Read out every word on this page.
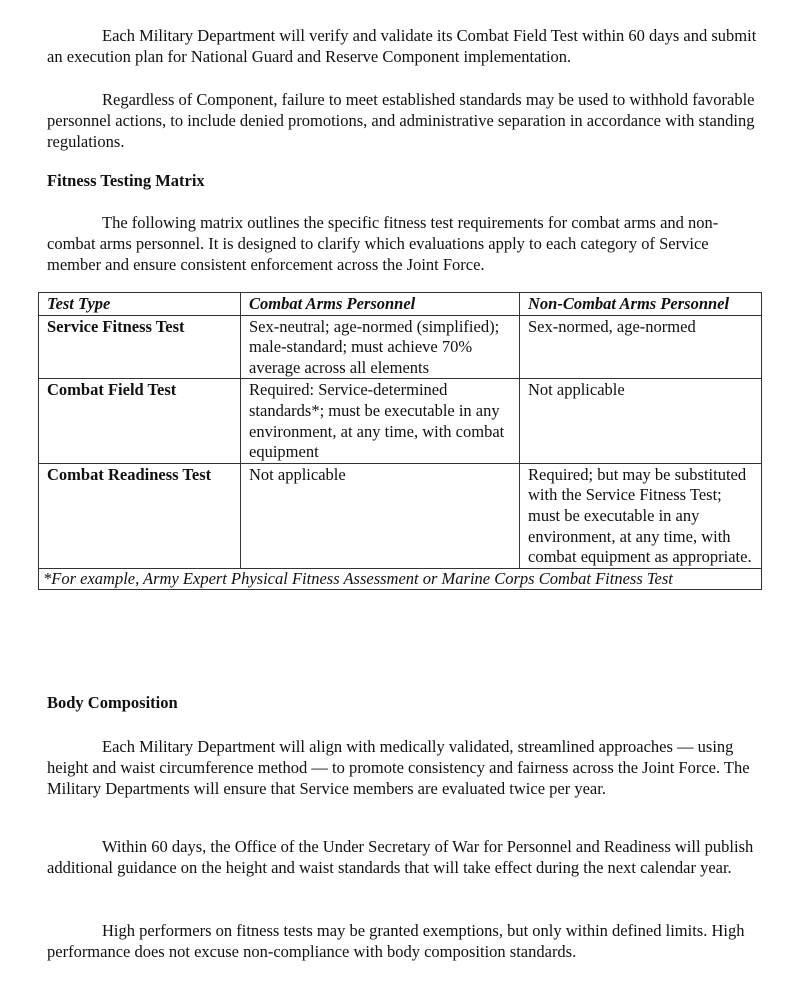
Each Military Department will verify and validate its Combat Field Test within 60 days and submit an execution plan for National Guard and Reserve Component implementation.

Regardless of Component, failure to meet established standards may be used to withhold favorable personnel actions, to include denied promotions, and administrative separation in accordance with standing regulations.

Fitness Testing Matrix

The following matrix outlines the specific fitness test requirements for combat arms and non-combat arms personnel. It is designed to clarify which evaluations apply to each category of Service member and ensure consistent enforcement across the Joint Force.

Test Type	Combat Arms Personnel	Non-Combat Arms Personnel
Service Fitness Test	Sex-neutral; age-normed (simplified); male-standard; must achieve 70% average across all elements	Sex-normed, age-normed
Combat Field Test	Required: Service-determined standards*; must be executable in any environment, at any time, with combat equipment	Not applicable
Combat Readiness Test	Not applicable	Required; but may be substituted with the Service Fitness Test; must be executable in any environment, at any time, with combat equipment as appropriate.
*For example, Army Expert Physical Fitness Assessment or Marine Corps Combat Fitness Test		
Body Composition

Each Military Department will align with medically validated, streamlined approaches — using height and waist circumference method — to promote consistency and fairness across the Joint Force. The Military Departments will ensure that Service members are evaluated twice per year.

Within 60 days, the Office of the Under Secretary of War for Personnel and Readiness will publish additional guidance on the height and waist standards that will take effect during the next calendar year.

High performers on fitness tests may be granted exemptions, but only within defined limits. High performance does not excuse non-compliance with body composition standards.
